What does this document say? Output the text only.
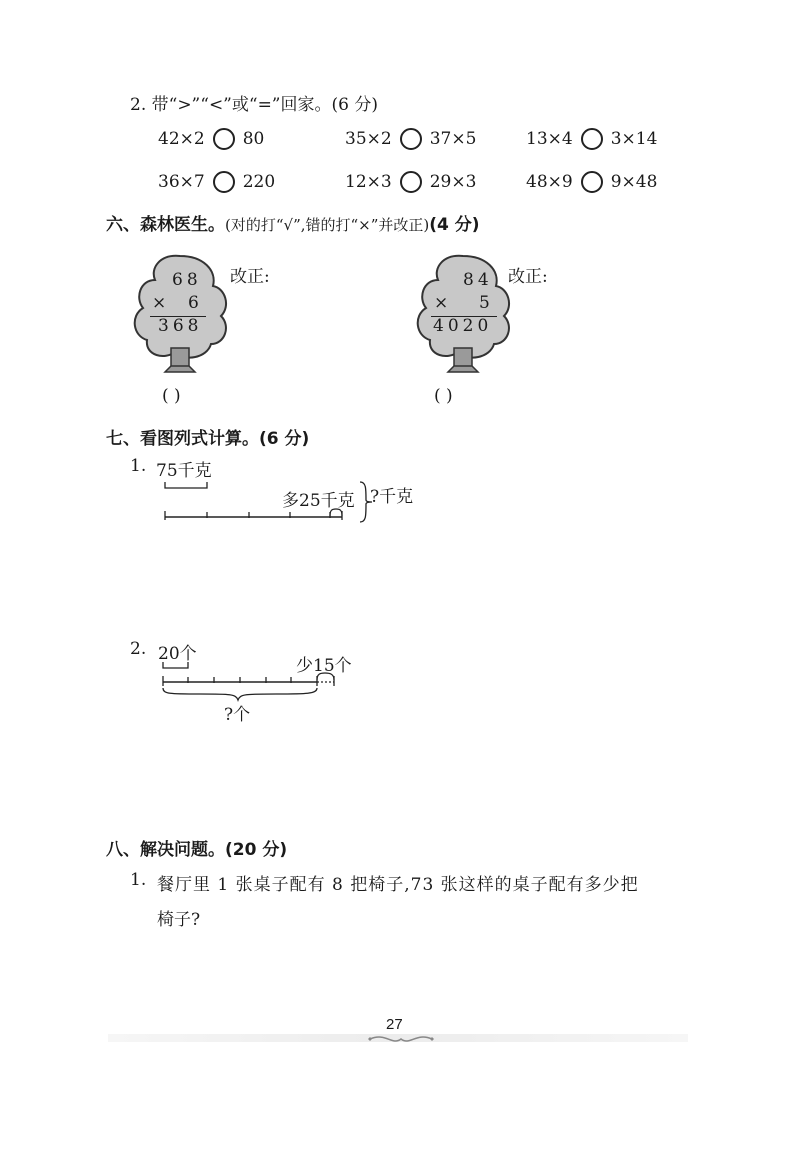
2. 带“>”“<”或“=”回家。(6 分)
42×2 80	35×2 37×5	13×4 3×14
36×7 220	12×3 29×3	48×9 9×48
六、森林医生。(对的打“√”,错的打“×”并改正)(4 分)
68
× 6
368
改正:
( )
84
× 5
4020
改正:
( )
七、看图列式计算。(6 分)
1. 75千克
多25千克 ?千克
2. 20个
少15个
?个
八、解决问题。(20 分)
1. 餐厅里 1 张桌子配有 8 把椅子,73 张这样的桌子配有多少把
椅子?
27
